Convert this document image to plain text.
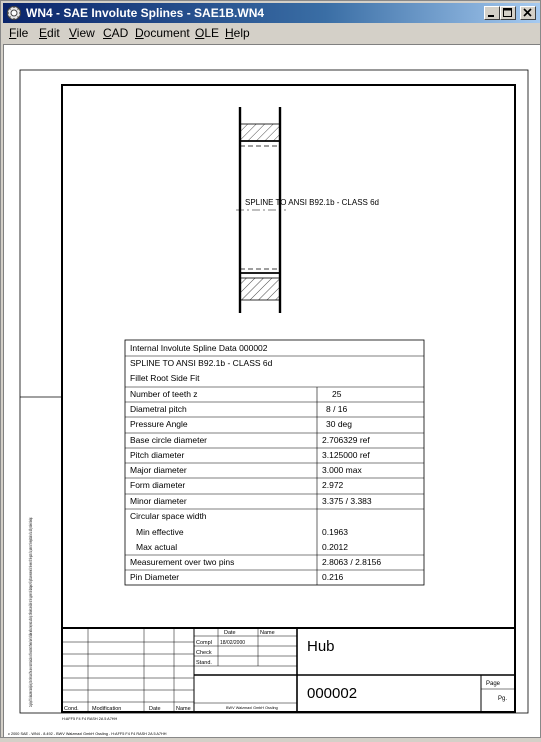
WN4 - SAE Involute Splines - SAE1B.WN4
File Edit View CAD Document OLE Help
SPLINE TO ANSI B92.1b - CLASS 6d
Internal Involute Spline Data 000002
SPLINE TO ANSI B92.1b - CLASS 6d
Fillet Root Side Fit
Number of teeth z	25
Diametral pitch	8 / 16
Pressure Angle	30 deg
Base circle diameter	2.706329 ref
Pitch diameter	3.125000 ref
Major diameter	3.000 max
Form diameter	2.972
Minor diameter	3.375 / 3.383
Circular space width
Min effective	0.1963
Max actual	0.2012
Measurement over two pins	2.8063 / 2.8156
Pin Diameter	0.216
Copying of this document and giving it to others and the use or communication of the contents thereof are forbidden without express authority. Offenders are liable to the payment of damages. All rights are reserved in the event of the grant of a patent or the registration of a utility model or design.
Cond. Modification	Date	Name
Date	Name
Compl 18/02/2000
Check
Stand.
BWV Walzmaxl GmbH Ossling
Hub
000002
Page
Pg.
H:AFF5 F4 F4 RASH 2A 5 A7HH
c 2000 SAE - WN4 - 8.492 - BWV Walzmaxl GmbH Ossling - H:AFF5 F4 F4 RASH 2A 5 A7HH
